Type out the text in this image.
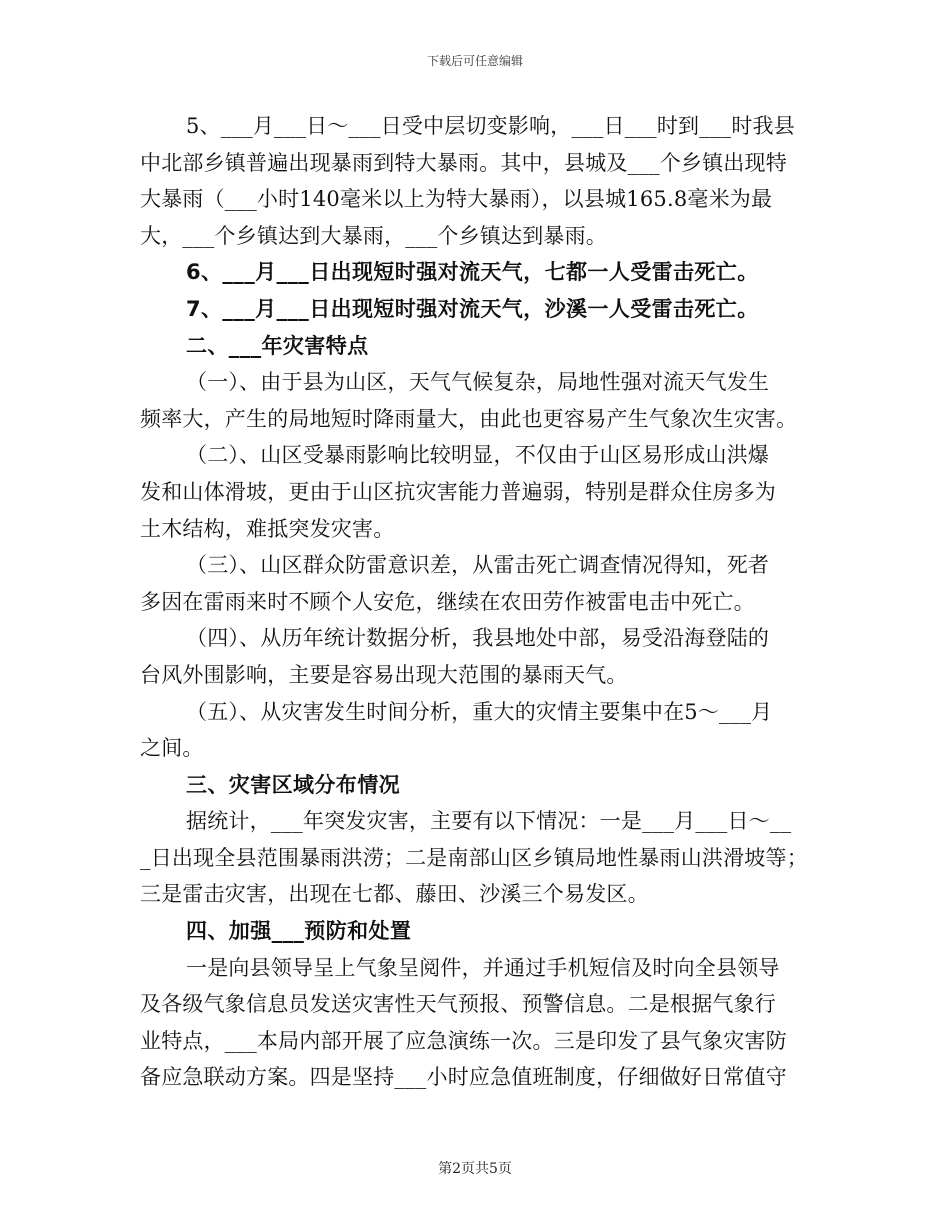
下载后可任意编辑
5、___月___日～___日受中层切变影响，___日___时到___时我县
中北部乡镇普遍出现暴雨到特大暴雨。其中，县城及___个乡镇出现特
大暴雨（___小时140毫米以上为特大暴雨），以县城165.8毫米为最
大，___个乡镇达到大暴雨，___个乡镇达到暴雨。
6、___月___日出现短时强对流天气，七都一人受雷击死亡。
7、___月___日出现短时强对流天气，沙溪一人受雷击死亡。
二、___年灾害特点
（一）、由于县为山区，天气气候复杂，局地性强对流天气发生
频率大，产生的局地短时降雨量大，由此也更容易产生气象次生灾害。
（二）、山区受暴雨影响比较明显，不仅由于山区易形成山洪爆
发和山体滑坡，更由于山区抗灾害能力普遍弱，特别是群众住房多为
土木结构，难抵突发灾害。
（三）、山区群众防雷意识差，从雷击死亡调查情况得知，死者
多因在雷雨来时不顾个人安危，继续在农田劳作被雷电击中死亡。
（四）、从历年统计数据分析，我县地处中部，易受沿海登陆的
台风外围影响，主要是容易出现大范围的暴雨天气。
（五）、从灾害发生时间分析，重大的灾情主要集中在5～___月
之间。
三、灾害区域分布情况
据统计，___年突发灾害，主要有以下情况：一是___月___日～__
_日出现全县范围暴雨洪涝；二是南部山区乡镇局地性暴雨山洪滑坡等；
三是雷击灾害，出现在七都、藤田、沙溪三个易发区。
四、加强___预防和处置
一是向县领导呈上气象呈阅件，并通过手机短信及时向全县领导
及各级气象信息员发送灾害性天气预报、预警信息。二是根据气象行
业特点，___本局内部开展了应急演练一次。三是印发了县气象灾害防
备应急联动方案。四是坚持___小时应急值班制度，仔细做好日常值守
第2页共5页
